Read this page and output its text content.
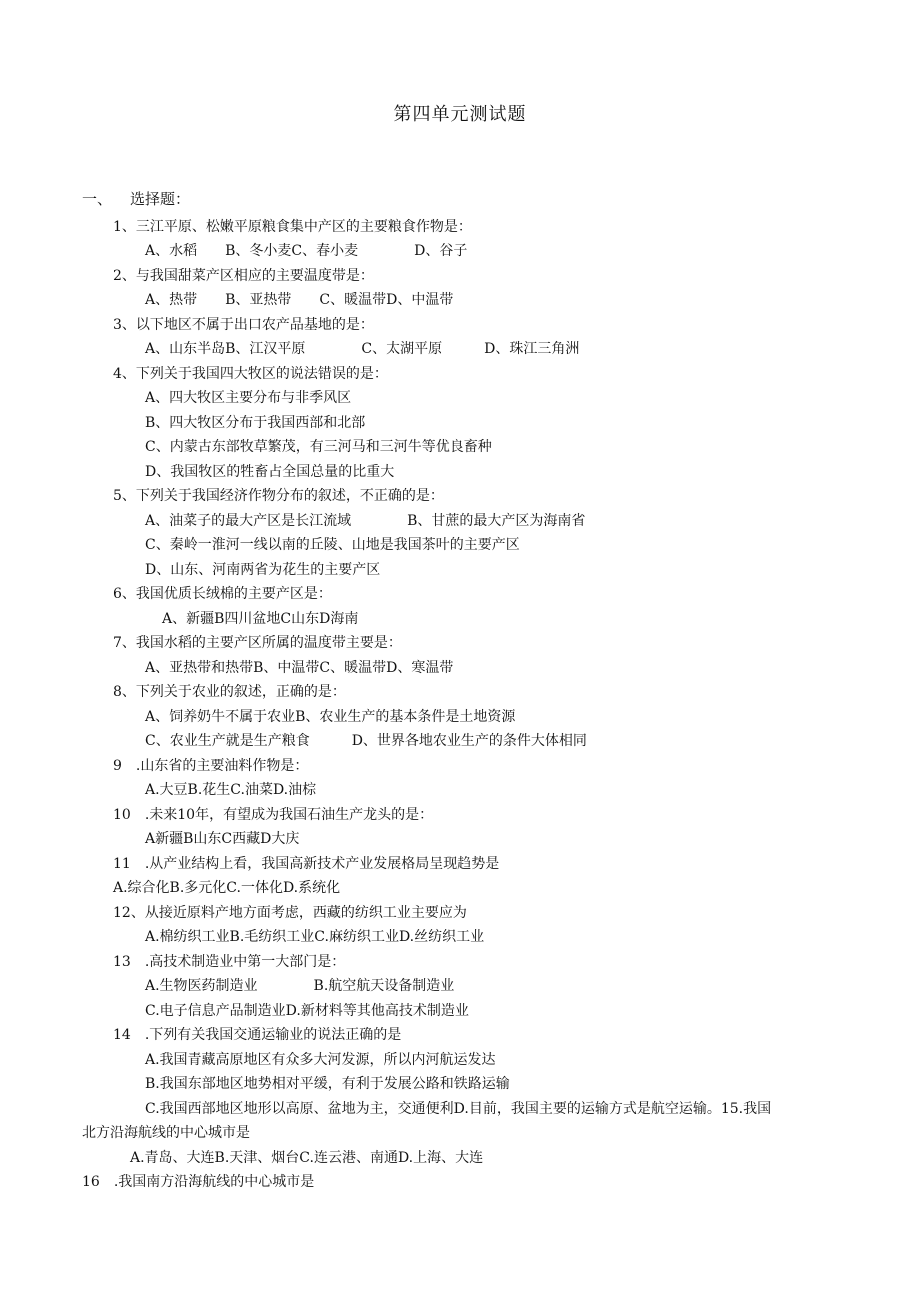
第四单元测试题
一、 选择题：
1、三江平原、松嫩平原粮食集中产区的主要粮食作物是：
A、水稻　　B、冬小麦C、春小麦　　　　D、谷子
2、与我国甜菜产区相应的主要温度带是：
A、热带　　B、亚热带　　C、暖温带D、中温带
3、以下地区不属于出口农产品基地的是：
A、山东半岛B、江汉平原　　　　C、太湖平原　　　D、珠江三角洲
4、下列关于我国四大牧区的说法错误的是：
A、四大牧区主要分布与非季风区
B、四大牧区分布于我国西部和北部
C、内蒙古东部牧草繁茂，有三河马和三河牛等优良畜种
D、我国牧区的牲畜占全国总量的比重大
5、下列关于我国经济作物分布的叙述，不正确的是：
A、油菜子的最大产区是长江流域　　　　B、甘蔗的最大产区为海南省
C、秦岭一淮河一线以南的丘陵、山地是我国茶叶的主要产区
D、山东、河南两省为花生的主要产区
6、我国优质长绒棉的主要产区是：
A、新疆B四川盆地C山东D海南
7、我国水稻的主要产区所属的温度带主要是：
A、亚热带和热带B、中温带C、暖温带D、寒温带
8、下列关于农业的叙述，正确的是：
A、饲养奶牛不属于农业B、农业生产的基本条件是土地资源
C、农业生产就是生产粮食　　　D、世界各地农业生产的条件大体相同
9　.山东省的主要油料作物是：
A.大豆B.花生C.油菜D.油棕
10　.未来10年，有望成为我国石油生产龙头的是：
A新疆B山东C西藏D大庆
11　.从产业结构上看，我国高新技术产业发展格局呈现趋势是
A.综合化B.多元化C.一体化D.系统化
12、从接近原料产地方面考虑，西藏的纺织工业主要应为
A.棉纺织工业B.毛纺织工业C.麻纺织工业D.丝纺织工业
13　.高技术制造业中第一大部门是：
A.生物医药制造业　　　　B.航空航天设备制造业
C.电子信息产品制造业D.新材料等其他高技术制造业
14　.下列有关我国交通运输业的说法正确的是
A.我国青藏高原地区有众多大河发源，所以内河航运发达
B.我国东部地区地势相对平缓，有利于发展公路和铁路运输
C.我国西部地区地形以高原、盆地为主，交通便利D.目前，我国主要的运输方式是航空运输。15.我国
北方沿海航线的中心城市是
A.青岛、大连B.天津、烟台C.连云港、南通D.上海、大连
16　.我国南方沿海航线的中心城市是
